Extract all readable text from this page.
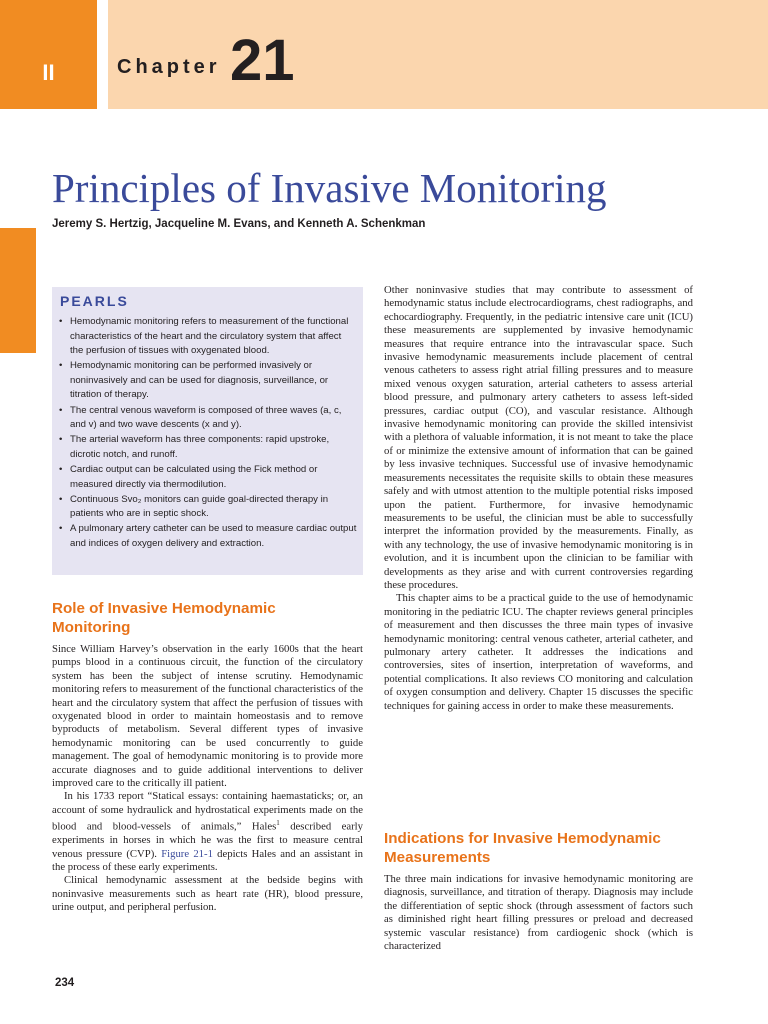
II	Chapter 21
Principles of Invasive Monitoring
Jeremy S. Hertzig, Jacqueline M. Evans, and Kenneth A. Schenkman
PEARLS
• Hemodynamic monitoring refers to measurement of the functional characteristics of the heart and the circulatory system that affect the perfusion of tissues with oxygenated blood.
• Hemodynamic monitoring can be performed invasively or noninvasively and can be used for diagnosis, surveillance, or titration of therapy.
• The central venous waveform is composed of three waves (a, c, and v) and two wave descents (x and y).
• The arterial waveform has three components: rapid upstroke, dicrotic notch, and runoff.
• Cardiac output can be calculated using the Fick method or measured directly via thermodilution.
• Continuous Svo₂ monitors can guide goal-directed therapy in patients who are in septic shock.
• A pulmonary artery catheter can be used to measure cardiac output and indices of oxygen delivery and extraction.
Role of Invasive Hemodynamic Monitoring

Since William Harvey’s observation in the early 1600s that the heart pumps blood in a continuous circuit, the function of the circulatory system has been the subject of intense scrutiny. Hemodynamic monitoring refers to measurement of the functional characteristics of the heart and the circulatory system that affect the perfusion of tissues with oxygenated blood in order to maintain homeostasis and to remove byproducts of metabolism. Several different types of invasive hemodynamic monitoring can be used concurrently to guide management. The goal of hemodynamic monitoring is to provide more accurate diagnoses and to guide additional interventions to deliver improved care to the critically ill patient.

In his 1733 report “Statical essays: containing haemastaticks; or, an account of some hydraulick and hydrostatical experiments made on the blood and blood-vessels of animals,” Hales$^1$ described early experiments in horses in which he was the first to measure central venous pressure (CVP). Figure 21-1 depicts Hales and an assistant in the process of these early experiments.

Clinical hemodynamic assessment at the bedside begins with noninvasive measurements such as heart rate (HR), blood pressure, urine output, and peripheral perfusion.

Other noninvasive studies that may contribute to assessment of hemodynamic status include electrocardiograms, chest radiographs, and echocardiography. Frequently, in the pediatric intensive care unit (ICU) these measurements are supplemented by invasive hemodynamic measures that require entrance into the intravascular space. Such invasive hemodynamic measurements include placement of central venous catheters to assess right atrial filling pressures and to measure mixed venous oxygen saturation, arterial catheters to assess arterial blood pressure, and pulmonary artery catheters to assess left-sided pressures, cardiac output (CO), and vascular resistance. Although invasive hemodynamic monitoring can provide the skilled intensivist with a plethora of valuable information, it is not meant to take the place of or minimize the extensive amount of information that can be gained by less invasive techniques. Successful use of invasive hemodynamic measurements necessitates the requisite skills to obtain these measures safely and with utmost attention to the multiple potential risks imposed upon the patient. Furthermore, for invasive hemodynamic measurements to be useful, the clinician must be able to successfully interpret the information provided by the measurements. Finally, as with any technology, the use of invasive hemodynamic monitoring is in evolution, and it is incumbent upon the clinician to be familiar with developments as they arise and with current controversies regarding these procedures.

This chapter aims to be a practical guide to the use of hemodynamic monitoring in the pediatric ICU. The chapter reviews general principles of measurement and then discusses the three main types of invasive hemodynamic monitoring: central venous catheter, arterial catheter, and pulmonary artery catheter. It addresses the indications and controversies, sites of insertion, interpretation of waveforms, and potential complications. It also reviews CO monitoring and calculation of oxygen consumption and delivery. Chapter 15 discusses the specific techniques for gaining access in order to make these measurements.

Indications for Invasive Hemodynamic Measurements

The three main indications for invasive hemodynamic monitoring are diagnosis, surveillance, and titration of therapy. Diagnosis may include the differentiation of septic shock (through assessment of factors such as diminished right heart filling pressures or preload and decreased systemic vascular resistance) from cardiogenic shock (which is characterized

234
